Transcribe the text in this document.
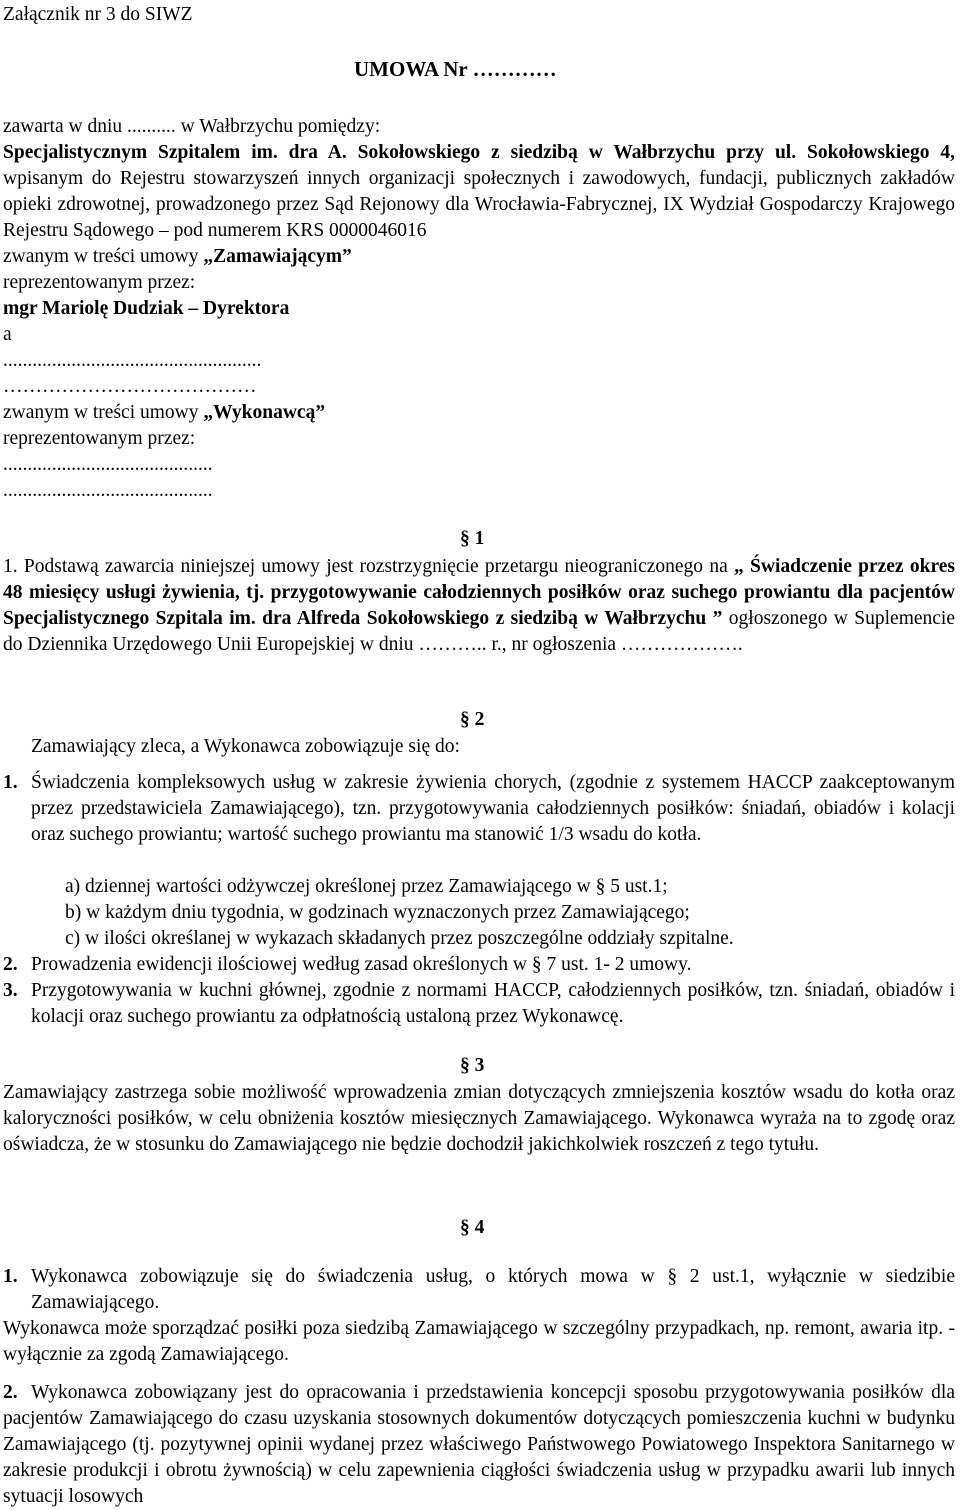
Załącznik nr 3 do SIWZ
UMOWA Nr …………

zawarta w dniu .......... w Wałbrzychu pomiędzy:

Specjalistycznym Szpitalem im. dra A. Sokołowskiego z siedzibą w Wałbrzychu przy ul. Sokołowskiego 4, wpisanym do Rejestru stowarzyszeń innych organizacji społecznych i zawodowych, fundacji, publicznych zakładów opieki zdrowotnej, prowadzonego przez Sąd Rejonowy dla Wrocławia-Fabrycznej, IX Wydział Gospodarczy Krajowego Rejestru Sądowego – pod numerem KRS 0000046016

zwanym w treści umowy „Zamawiającym”

reprezentowanym przez:

mgr Mariolę Dudziak – Dyrektora

a

.....................................................

…………………………………

zwanym w treści umowy „Wykonawcą”

reprezentowanym przez:

...........................................

...........................................

§ 1
1. Podstawą zawarcia niniejszej umowy jest rozstrzygnięcie przetargu nieograniczonego na „ Świadczenie przez okres 48 miesięcy usługi żywienia, tj. przygotowywanie całodziennych posiłków oraz suchego prowiantu dla pacjentów Specjalistycznego Szpitala im. dra Alfreda Sokołowskiego z siedzibą w Wałbrzychu ” ogłoszonego w Suplemencie do Dziennika Urzędowego Unii Europejskiej w dniu ……….. r., nr ogłoszenia ……………….
§ 2
Zamawiający zleca, a Wykonawca zobowiązuje się do:
1. Świadczenia kompleksowych usług w zakresie żywienia chorych, (zgodnie z systemem HACCP zaakceptowanym przez przedstawiciela Zamawiającego), tzn. przygotowywania całodziennych posiłków: śniadań, obiadów i kolacji oraz suchego prowiantu; wartość suchego prowiantu ma stanowić 1/3 wsadu do kotła.

a) dziennej wartości odżywczej określonej przez Zamawiającego w § 5 ust.1;
b) w każdym dniu tygodnia, w godzinach wyznaczonych przez Zamawiającego;
c) w ilości określanej w wykazach składanych przez poszczególne oddziały szpitalne.
2. Prowadzenia ewidencji ilościowej według zasad określonych w § 7 ust. 1- 2 umowy.

3. Przygotowywania w kuchni głównej, zgodnie z normami HACCP, całodziennych posiłków, tzn. śniadań, obiadów i kolacji oraz suchego prowiantu za odpłatnością ustaloną przez Wykonawcę.

§ 3
Zamawiający zastrzega sobie możliwość wprowadzenia zmian dotyczących zmniejszenia kosztów wsadu do kotła oraz kaloryczności posiłków, w celu obniżenia kosztów miesięcznych Zamawiającego. Wykonawca wyraża na to zgodę oraz oświadcza, że w stosunku do Zamawiającego nie będzie dochodził jakichkolwiek roszczeń z tego tytułu.
§ 4
1. Wykonawca zobowiązuje się do świadczenia usług, o których mowa w § 2 ust.1, wyłącznie w siedzibie Zamawiającego.

Wykonawca może sporządzać posiłki poza siedzibą Zamawiającego w szczególny przypadkach, np. remont, awaria itp. - wyłącznie za zgodą Zamawiającego.
2. Wykonawca zobowiązany jest do opracowania i przedstawienia koncepcji sposobu przygotowywania posiłków dla pacjentów Zamawiającego do czasu uzyskania stosownych dokumentów dotyczących pomieszczenia kuchni w budynku Zamawiającego (tj. pozytywnej opinii wydanej przez właściwego Państwowego Powiatowego Inspektora Sanitarnego w zakresie produkcji i obrotu żywnością) w celu zapewnienia ciągłości świadczenia usług w przypadku awarii lub innych sytuacji losowych
